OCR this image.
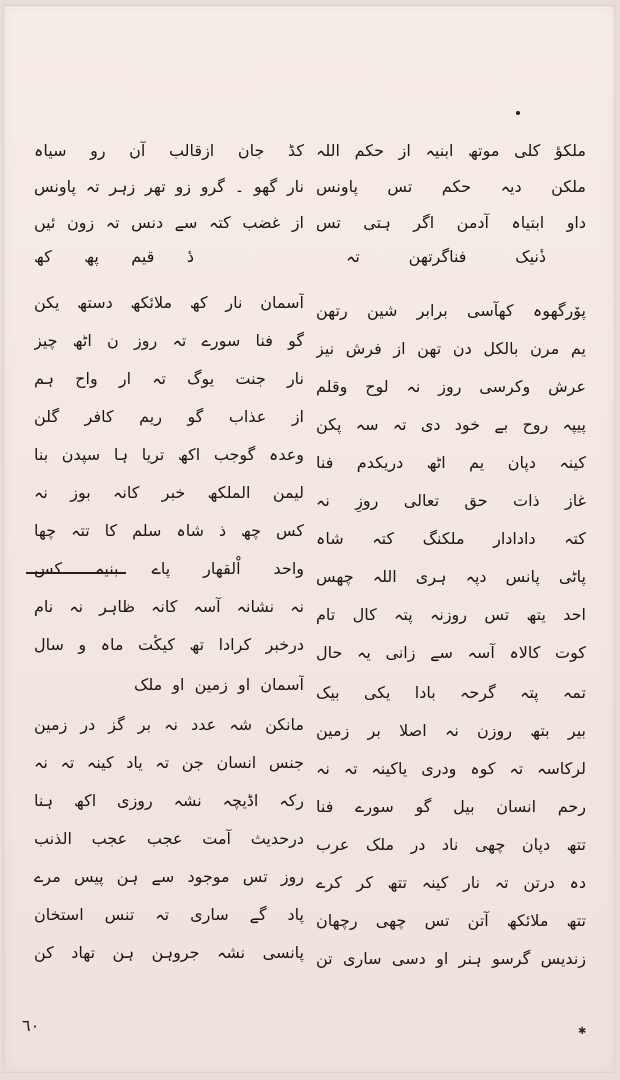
ملکؤ کلی موتھ ابنیہ از حکم اللہ
ملکن دیہ حکم تس پاونس
داو ابتیاہ آدمن اگر ہتی تس
ذٔنیک فناگرتھن تہ
پوٚرگھوہ کھآسی برابر شین رتھن
یم مرن بالکل دن تھن از فرش نیز
عرش وکرسی روز نہ لوح وقلم
پیپہ روح بے خود دی تہ سہ پکن
کینہ دپان یم اٹھ دریکدم فنا
غاز ذات حق تعالی روزِ نہ
کتہ دادادار ملکنگ کتہ شاہ
پاٹی پانس دپہ ہری اللہ چھس
احد یتھ تس روزنہ پتہ کال تام
کوت کالاہ آسہ سے زانی یہ حال
تمہ پتہ گرحہ بادا یکی بیک
بیر بتھ روزن نہ اصلا بر زمین
لرکاسہ تہ کوہ ودری یاکینہ تہ نہ
رحم انسان بیل گو سورے فنا
تتھ دپان چھی ناد در ملک عرب
دہ درتن تہ نار کینہ تتھ کر کرے
تتھ ملائکھ آتن تس چھی رچھان
زندیس گرسو ہنر او دسی ساری تن
کڈ جان ازقالب آن رو سیاہ
نار گھو ۔ گرو زو تھر زہر تہ پاونس
از غضب کتہ سے دنس تہ زون ئیں
دٔ قیم پھ کھ
آسمان نار کھ ملائکھ دستھ یکن
گو فنا سورے تہ روز ن اٹھ چیز
نار جنت یوگ تہ ار واح ہم
از عذاب گو ریم کافر گلن
وعدہ گوجب اکھ تریا ہا سپدن بنا
لیمن الملکھ خبر کانہ بوز نہ
کس چھ ذ شاہ سلم کا تتہ چھا
واحد اْلقھار پاے بنیہ کس
نہ نشانہ آسہ کانہ ظاہر نہ نام
درخبر کرادا تھ کیکٔت ماہ و سال
آسمان او زمین او ملک
مانکن شہ عدد نہ بر گز در زمین
جنس انسان جن تہ یاد کینہ تہ نہ
رکہ اڈیچہ نشہ روزی اکھ ہنا
درحدیث آمت عجب عجب الذنب
روز تس موجود سے ہن پیس مرے
پاد گے ساری تہ تنس استخان
پانسی نشہ جروہن ہن تھاد کن
٦٠	✱
